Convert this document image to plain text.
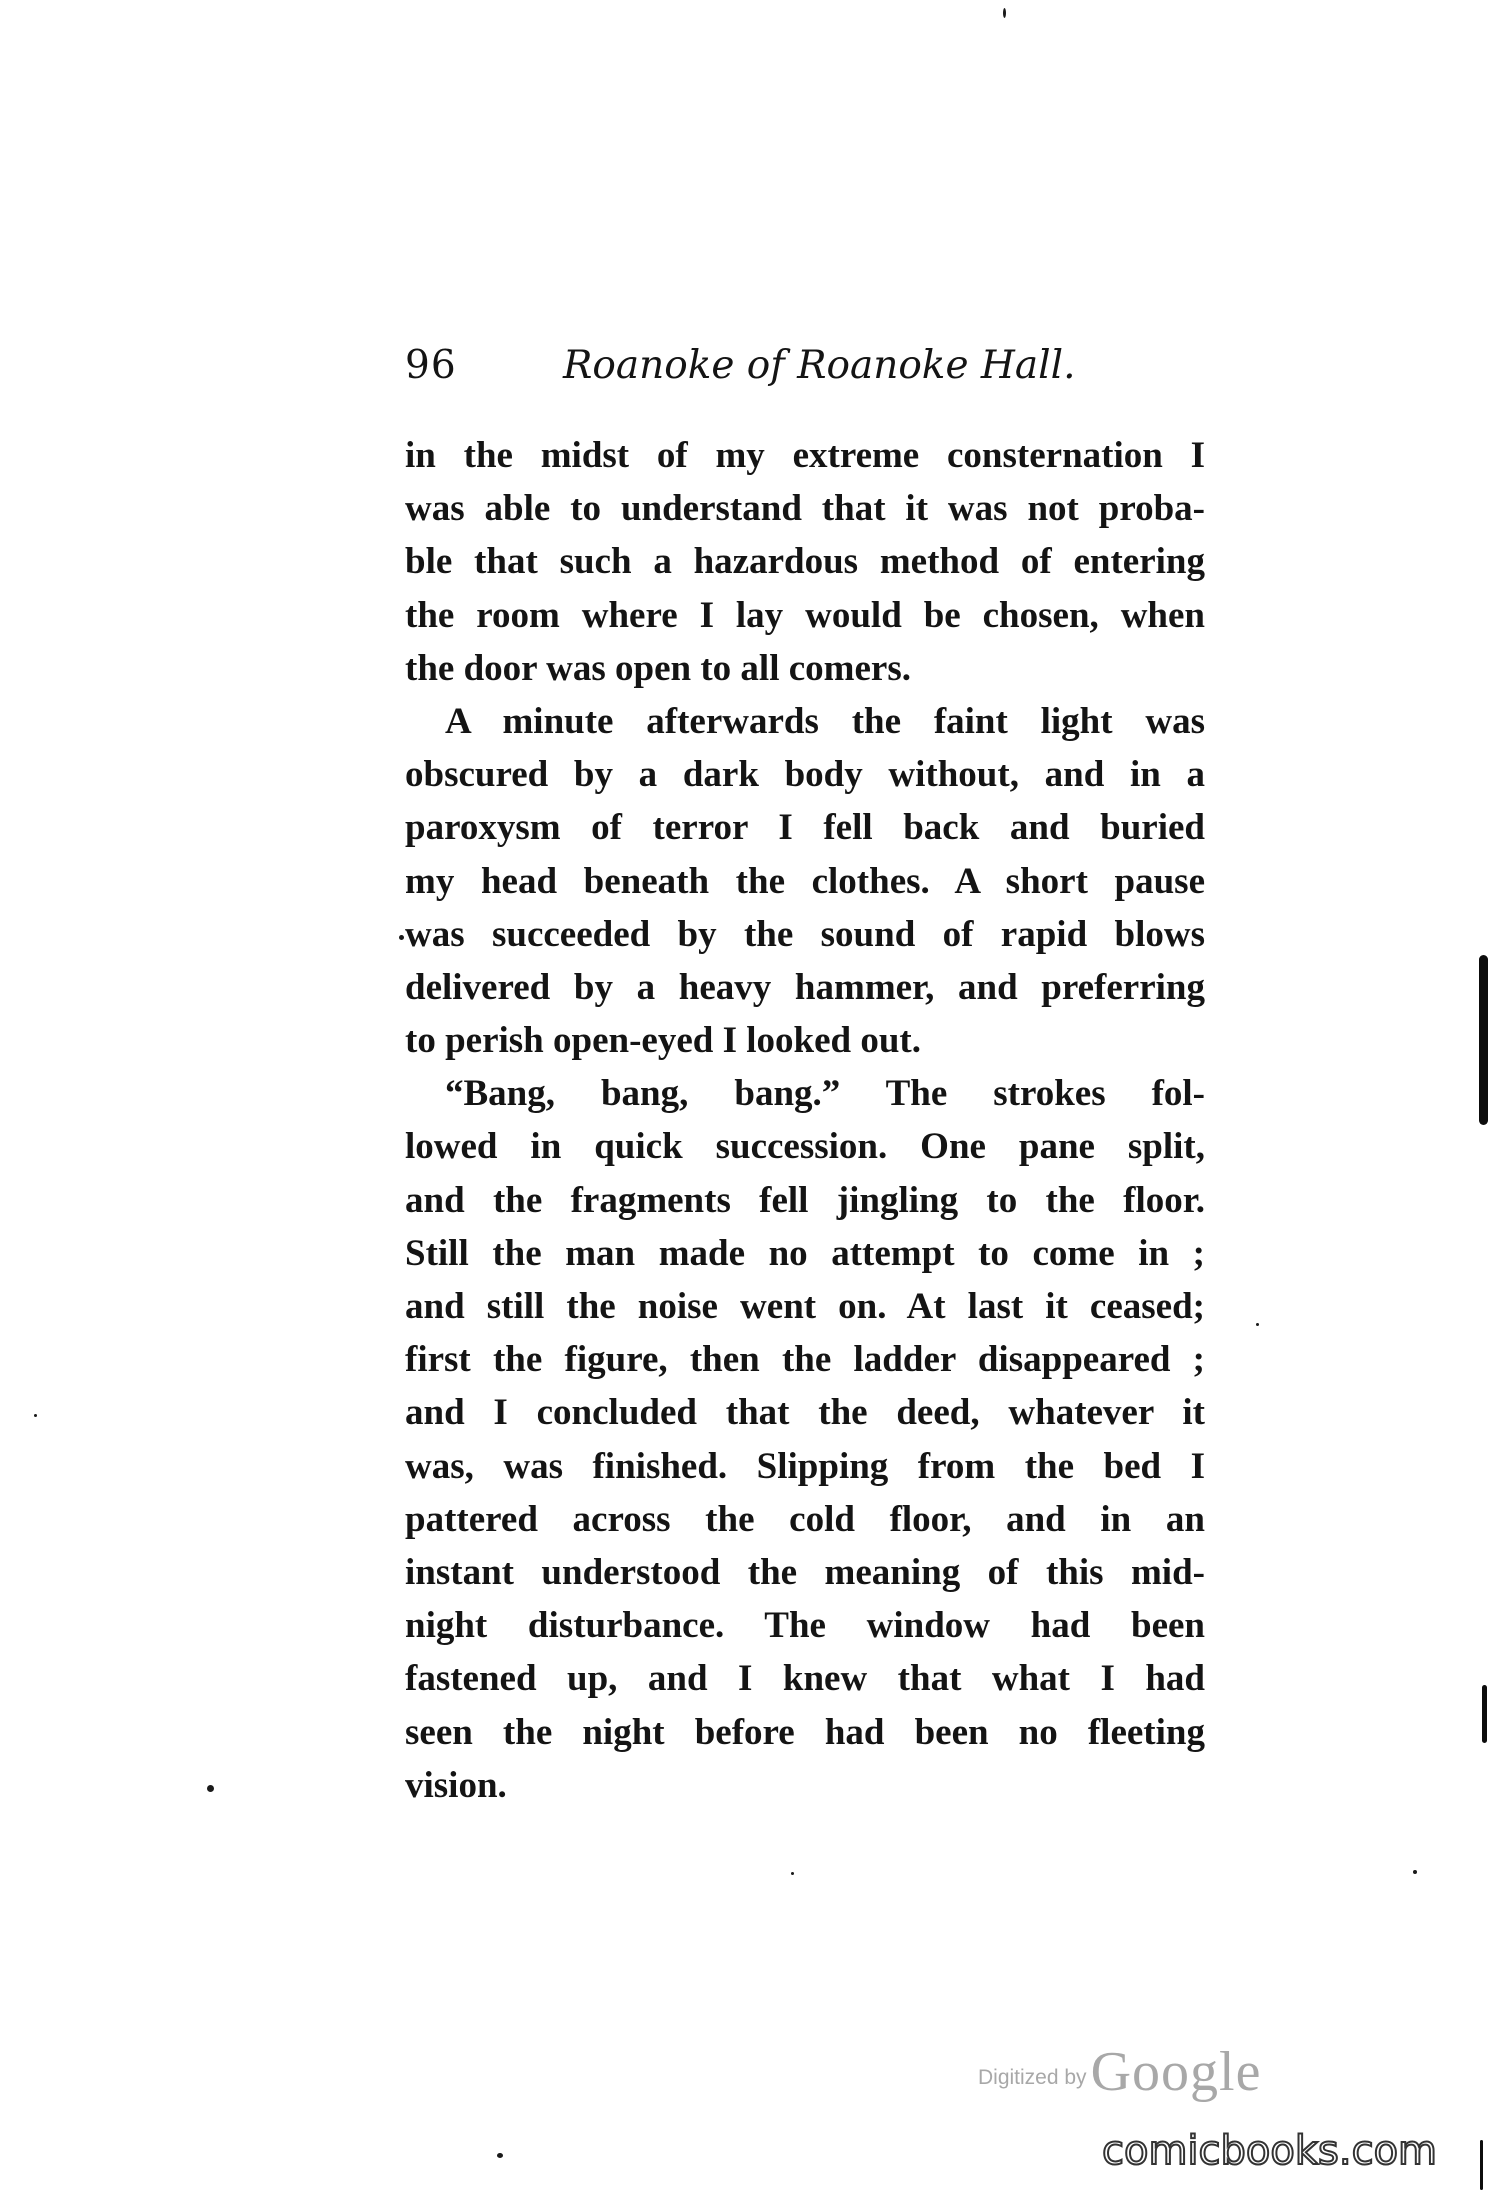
96	Roanoke of Roanoke Hall.
in the midst of my extreme consternation I
was able to understand that it was not proba-
ble that such a hazardous method of entering
the room where I lay would be chosen, when
the door was open to all comers.
A minute afterwards the faint light was
obscured by a dark body without, and in a
paroxysm of terror I fell back and buried
my head beneath the clothes. A short pause
was succeeded by the sound of rapid blows
delivered by a heavy hammer, and preferring
to perish open-eyed I looked out.
“Bang, bang, bang.” The strokes fol-
lowed in quick succession. One pane split,
and the fragments fell jingling to the floor.
Still the man made no attempt to come in ;
and still the noise went on. At last it ceased;
first the figure, then the ladder disappeared ;
and I concluded that the deed, whatever it
was, was finished. Slipping from the bed I
pattered across the cold floor, and in an
instant understood the meaning of this mid-
night disturbance. The window had been
fastened up, and I knew that what I had
seen the night before had been no fleeting
vision.
Digitized by Google
comicbooks.com
